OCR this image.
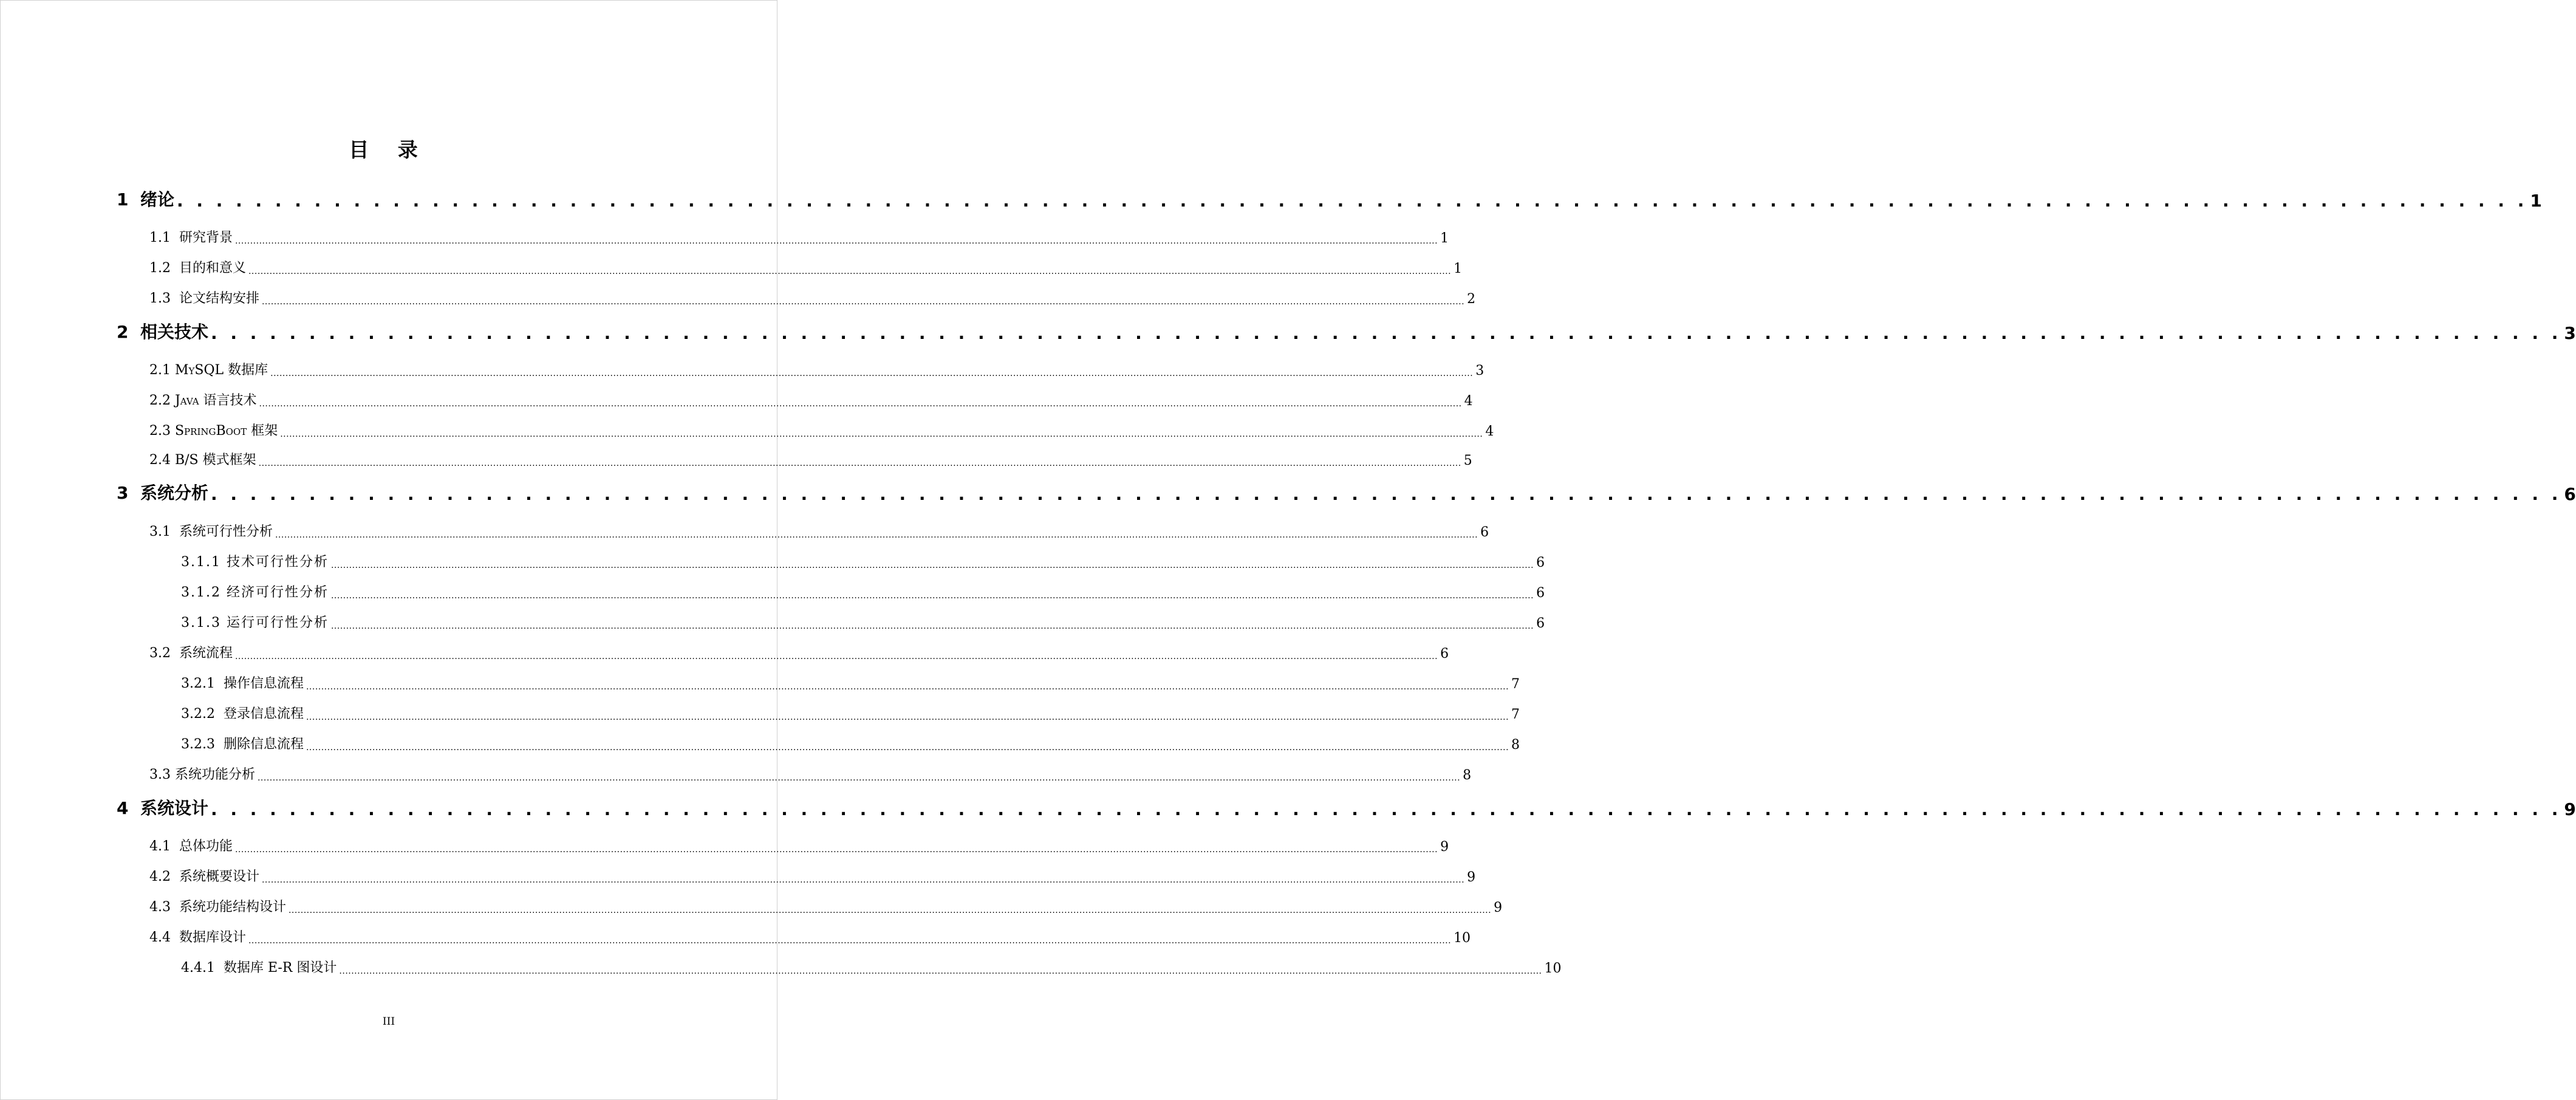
目 录
1  绪论 . . . . . . . . . . . . . . . . . . . . . . . . . . . . . . . . . . . . . . . . . . . . . . . . . . . . . . . . . . . . . . . . . . . . . . . . . . . . . . . . . . . . . . . . . . . . . . . . . . . . . . . . . . . . . . . . . . . . . . . . 1
1.1  研究背景 ................................................................................................................................................................................................................................................................................................................................................................................................................ 1
1.2  目的和意义 ................................................................................................................................................................................................................................................................................................................................................................................................................ 1
1.3  论文结构安排 ................................................................................................................................................................................................................................................................................................................................................................................................................ 2
2  相关技术 . . . . . . . . . . . . . . . . . . . . . . . . . . . . . . . . . . . . . . . . . . . . . . . . . . . . . . . . . . . . . . . . . . . . . . . . . . . . . . . . . . . . . . . . . . . . . . . . . . . . . . . . . . . . . . . . . . . . . . . . 3
2.1 MySQL 数据库 ................................................................................................................................................................................................................................................................................................................................................................................................................ 3
2.2 Java 语言技术 ................................................................................................................................................................................................................................................................................................................................................................................................................ 4
2.3 SpringBoot 框架 ................................................................................................................................................................................................................................................................................................................................................................................................................ 4
2.4 B/S 模式框架 ................................................................................................................................................................................................................................................................................................................................................................................................................ 5
3  系统分析 . . . . . . . . . . . . . . . . . . . . . . . . . . . . . . . . . . . . . . . . . . . . . . . . . . . . . . . . . . . . . . . . . . . . . . . . . . . . . . . . . . . . . . . . . . . . . . . . . . . . . . . . . . . . . . . . . . . . . . . . 6
3.1  系统可行性分析 ................................................................................................................................................................................................................................................................................................................................................................................................................ 6
3.1.1 技术可行性分析 ................................................................................................................................................................................................................................................................................................................................................................................................................ 6
3.1.2 经济可行性分析 ................................................................................................................................................................................................................................................................................................................................................................................................................ 6
3.1.3 运行可行性分析 ................................................................................................................................................................................................................................................................................................................................................................................................................ 6
3.2  系统流程 ................................................................................................................................................................................................................................................................................................................................................................................................................ 6
3.2.1  操作信息流程 ................................................................................................................................................................................................................................................................................................................................................................................................................ 7
3.2.2  登录信息流程 ................................................................................................................................................................................................................................................................................................................................................................................................................ 7
3.2.3  删除信息流程 ................................................................................................................................................................................................................................................................................................................................................................................................................ 8
3.3 系统功能分析 ................................................................................................................................................................................................................................................................................................................................................................................................................ 8
4  系统设计 . . . . . . . . . . . . . . . . . . . . . . . . . . . . . . . . . . . . . . . . . . . . . . . . . . . . . . . . . . . . . . . . . . . . . . . . . . . . . . . . . . . . . . . . . . . . . . . . . . . . . . . . . . . . . . . . . . . . . . . . 9
4.1  总体功能 ................................................................................................................................................................................................................................................................................................................................................................................................................ 9
4.2  系统概要设计 ................................................................................................................................................................................................................................................................................................................................................................................................................ 9
4.3  系统功能结构设计 ................................................................................................................................................................................................................................................................................................................................................................................................................ 9
4.4  数据库设计 ................................................................................................................................................................................................................................................................................................................................................................................................................ 10
4.4.1  数据库 E-R 图设计 ................................................................................................................................................................................................................................................................................................................................................................................................................ 10
III
